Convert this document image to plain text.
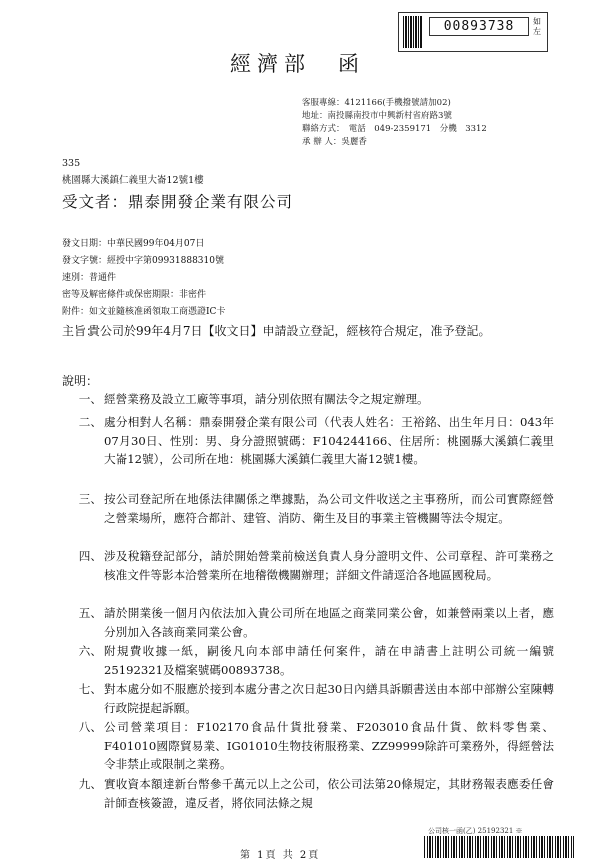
00893738	如 左
經濟部　函
客服專線：4121166(手機撥號請加02)
地址：南投縣南投市中興新村省府路3號
聯絡方式：　電話　049-2359171　分機　3312
承 辦 人：吳麗香
335
桃園縣大溪鎮仁義里大崙12號1樓
受文者：鼎泰開發企業有限公司
發文日期：中華民國99年04月07日
發文字號：經授中字第09931888310號
速別：普通件
密等及解密條件或保密期限：非密件
附件：如文並隨核准函領取工商憑證IC卡
主旨：
貴公司於99年4月7日【收文日】申請設立登記，經核符合規定，准予登記。
說明：
一、 經營業務及設立工廠等事項，請分別依照有關法令之規定辦理。
二、 處分相對人名稱：鼎泰開發企業有限公司（代表人姓名：王裕銘、出生年月日：043年07月30日、性別：男、身分證照號碼：F104244166、住居所：桃園縣大溪鎮仁義里大崙12號），公司所在地：桃園縣大溪鎮仁義里大崙12號1樓。
三、 按公司登記所在地係法律關係之準據點，為公司文件收送之主事務所，而公司實際經營之營業場所，應符合都計、建管、消防、衛生及目的事業主管機關等法令規定。
四、 涉及稅籍登記部分，請於開始營業前檢送負責人身分證明文件、公司章程、許可業務之核准文件等影本洽營業所在地稽徵機關辦理；詳細文件請逕洽各地區國稅局。
五、 請於開業後一個月內依法加入貴公司所在地區之商業同業公會，如兼營兩業以上者，應分別加入各該商業同業公會。
六、 附規費收據一紙，嗣後凡向本部申請任何案件，請在申請書上註明公司統一編號25192321及檔案號碼00893738。
七、 對本處分如不服應於接到本處分書之次日起30日內繕具訴願書送由本部中部辦公室陳轉行政院提起訴願。
八、 公司營業項目：F102170食品什貨批發業、F203010食品什貨、飲料零售業、F401010國際貿易業、IG01010生物技術服務業、ZZ99999除許可業務外，得經營法令非禁止或限制之業務。
九、 實收資本額達新台幣參千萬元以上之公司，依公司法第20條規定，其財務報表應委任會計師查核簽證，違反者，將依同法條之規
公司核一函(乙) 25192321 ※
第 1頁 共 2頁
